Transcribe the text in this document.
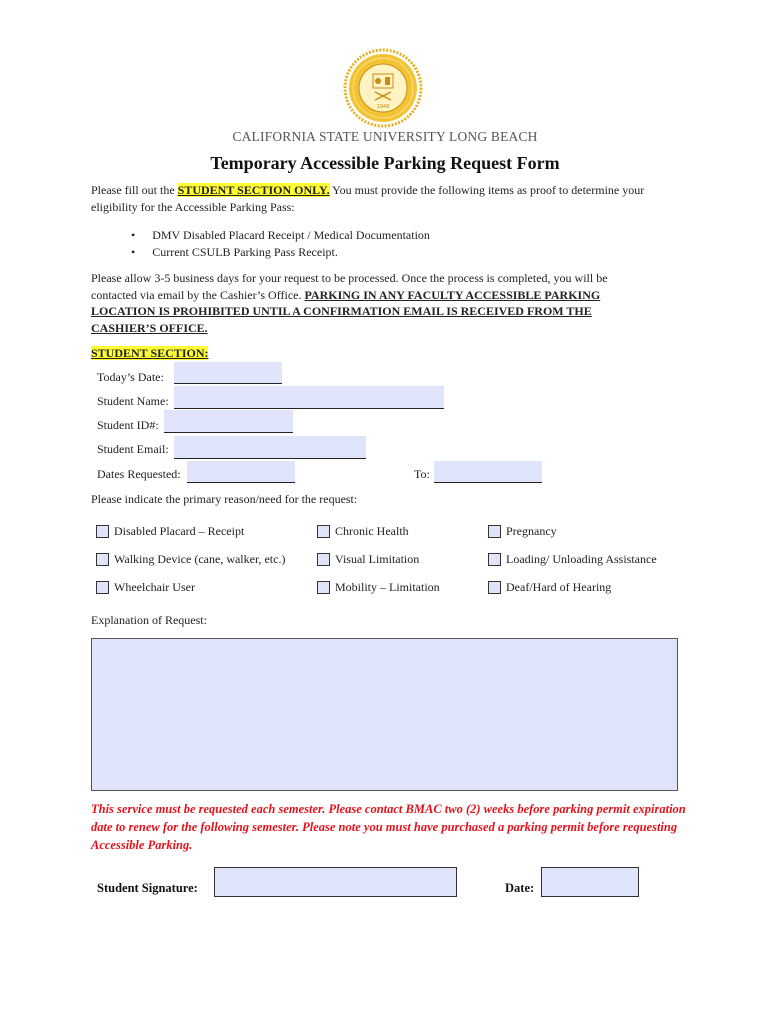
1949
CALIFORNIA STATE UNIVERSITY LONG BEACH
Temporary Accessible Parking Request Form
Please fill out the STUDENT SECTION ONLY. You must provide the following items as proof to determine your eligibility for the Accessible Parking Pass:
• DMV Disabled Placard Receipt / Medical Documentation
• Current CSULB Parking Pass Receipt.
Please allow 3-5 business days for your request to be processed. Once the process is completed, you will be contacted via email by the Cashier’s Office. PARKING IN ANY FACULTY ACCESSIBLE PARKING LOCATION IS PROHIBITED UNTIL A CONFIRMATION EMAIL IS RECEIVED FROM THE CASHIER’S OFFICE.
STUDENT SECTION:
Today’s Date:
Student Name:
Student ID#:
Student Email:
Dates Requested:	To:
Please indicate the primary reason/need for the request:
Disabled Placard – Receipt	Chronic Health	Pregnancy
Walking Device (cane, walker, etc.)	Visual Limitation	Loading/ Unloading Assistance
Wheelchair User	Mobility – Limitation	Deaf/Hard of Hearing
Explanation of Request:
This service must be requested each semester. Please contact BMAC two (2) weeks before parking permit expiration date to renew for the following semester. Please note you must have purchased a parking permit before requesting Accessible Parking.
Student Signature:	Date:
